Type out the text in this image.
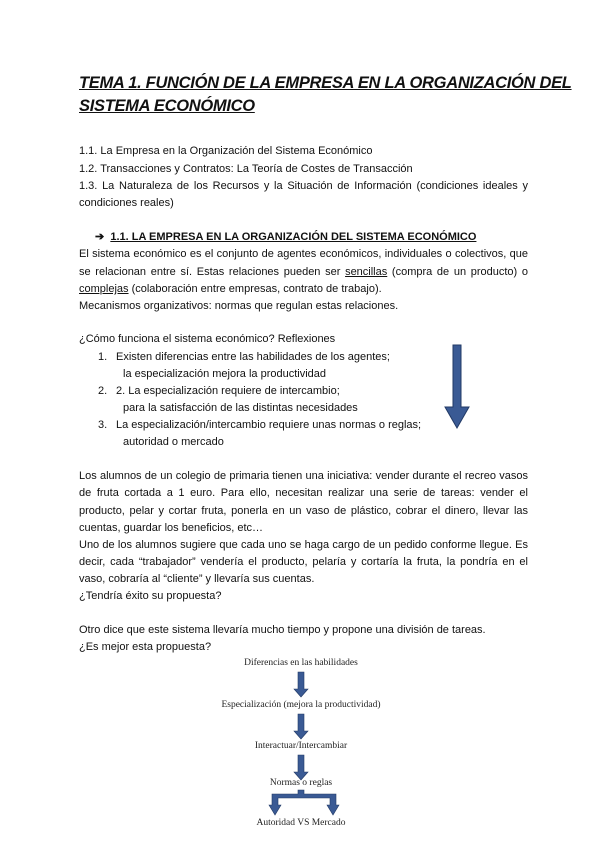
TEMA 1. FUNCIÓN DE LA EMPRESA EN LA ORGANIZACIÓN DEL

SISTEMA ECONÓMICO

1.1. La Empresa en la Organización del Sistema Económico

1.2. Transacciones y Contratos: La Teoría de Costes de Transacción

1.3. La Naturaleza de los Recursos y la Situación de Información (condiciones ideales y

condiciones reales)

➔ 1.1. LA EMPRESA EN LA ORGANIZACIÓN DEL SISTEMA ECONÓMICO

El sistema económico es el conjunto de agentes económicos, individuales o colectivos, que

se relacionan entre sí. Estas relaciones pueden ser sencillas (compra de un producto) o

complejas (colaboración entre empresas, contrato de trabajo).

Mecanismos organizativos: normas que regulan estas relaciones.

¿Cómo funciona el sistema económico? Reflexiones

1. Existen diferencias entre las habilidades de los agentes;

la especialización mejora la productividad

2. 2. La especialización requiere de intercambio;

para la satisfacción de las distintas necesidades

3. La especialización/intercambio requiere unas normas o reglas;

autoridad o mercado

Los alumnos de un colegio de primaria tienen una iniciativa: vender durante el recreo vasos

de fruta cortada a 1 euro. Para ello, necesitan realizar una serie de tareas: vender el

producto, pelar y cortar fruta, ponerla en un vaso de plástico, cobrar el dinero, llevar las

cuentas, guardar los beneficios, etc…

Uno de los alumnos sugiere que cada uno se haga cargo de un pedido conforme llegue. Es

decir, cada “trabajador” vendería el producto, pelaría y cortaría la fruta, la pondría en el

vaso, cobraría al “cliente” y llevaría sus cuentas.

¿Tendría éxito su propuesta?

Otro dice que este sistema llevaría mucho tiempo y propone una división de tareas.

¿Es mejor esta propuesta?

Diferencias en las habilidades

Especialización (mejora la productividad)

Interactuar/Intercambiar

Normas o reglas

Autoridad VS Mercado
